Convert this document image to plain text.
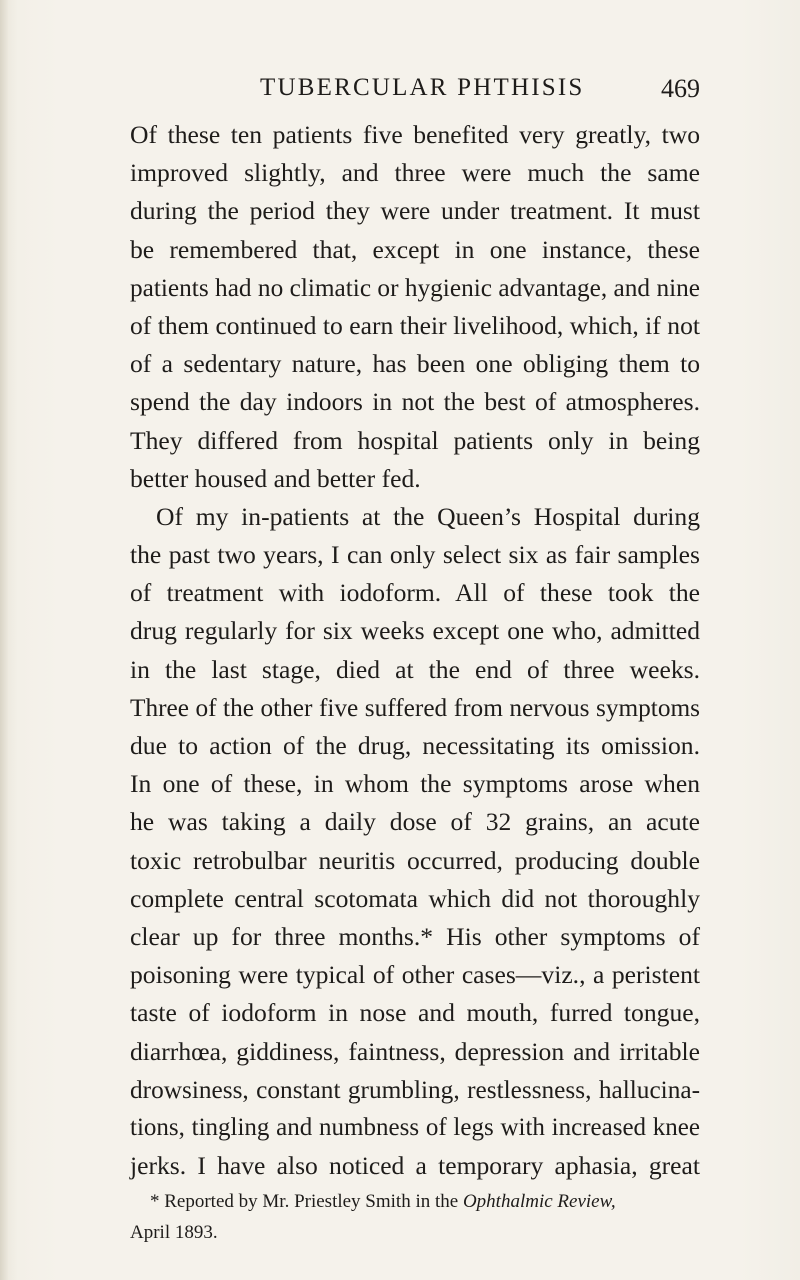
TUBERCULAR PHTHISIS	469
Of these ten patients five benefited very greatly, two
improved slightly, and three were much the same
during the period they were under treatment. It must
be remembered that, except in one instance, these
patients had no climatic or hygienic advantage, and nine
of them continued to earn their livelihood, which, if not
of a sedentary nature, has been one obliging them to
spend the day indoors in not the best of atmospheres.
They differed from hospital patients only in being
better housed and better fed.
Of my in-patients at the Queen’s Hospital during
the past two years, I can only select six as fair samples
of treatment with iodoform. All of these took the
drug regularly for six weeks except one who, admitted
in the last stage, died at the end of three weeks.
Three of the other five suffered from nervous symptoms
due to action of the drug, necessitating its omission.
In one of these, in whom the symptoms arose when
he was taking a daily dose of 32 grains, an acute
toxic retrobulbar neuritis occurred, producing double
complete central scotomata which did not thoroughly
clear up for three months.* His other symptoms of
poisoning were typical of other cases—viz., a peristent
taste of iodoform in nose and mouth, furred tongue,
diarrhœa, giddiness, faintness, depression and irritable
drowsiness, constant grumbling, restlessness, hallucina-
tions, tingling and numbness of legs with increased knee
jerks. I have also noticed a temporary aphasia, great
* Reported by Mr. Priestley Smith in the Ophthalmic Review,
April 1893.
